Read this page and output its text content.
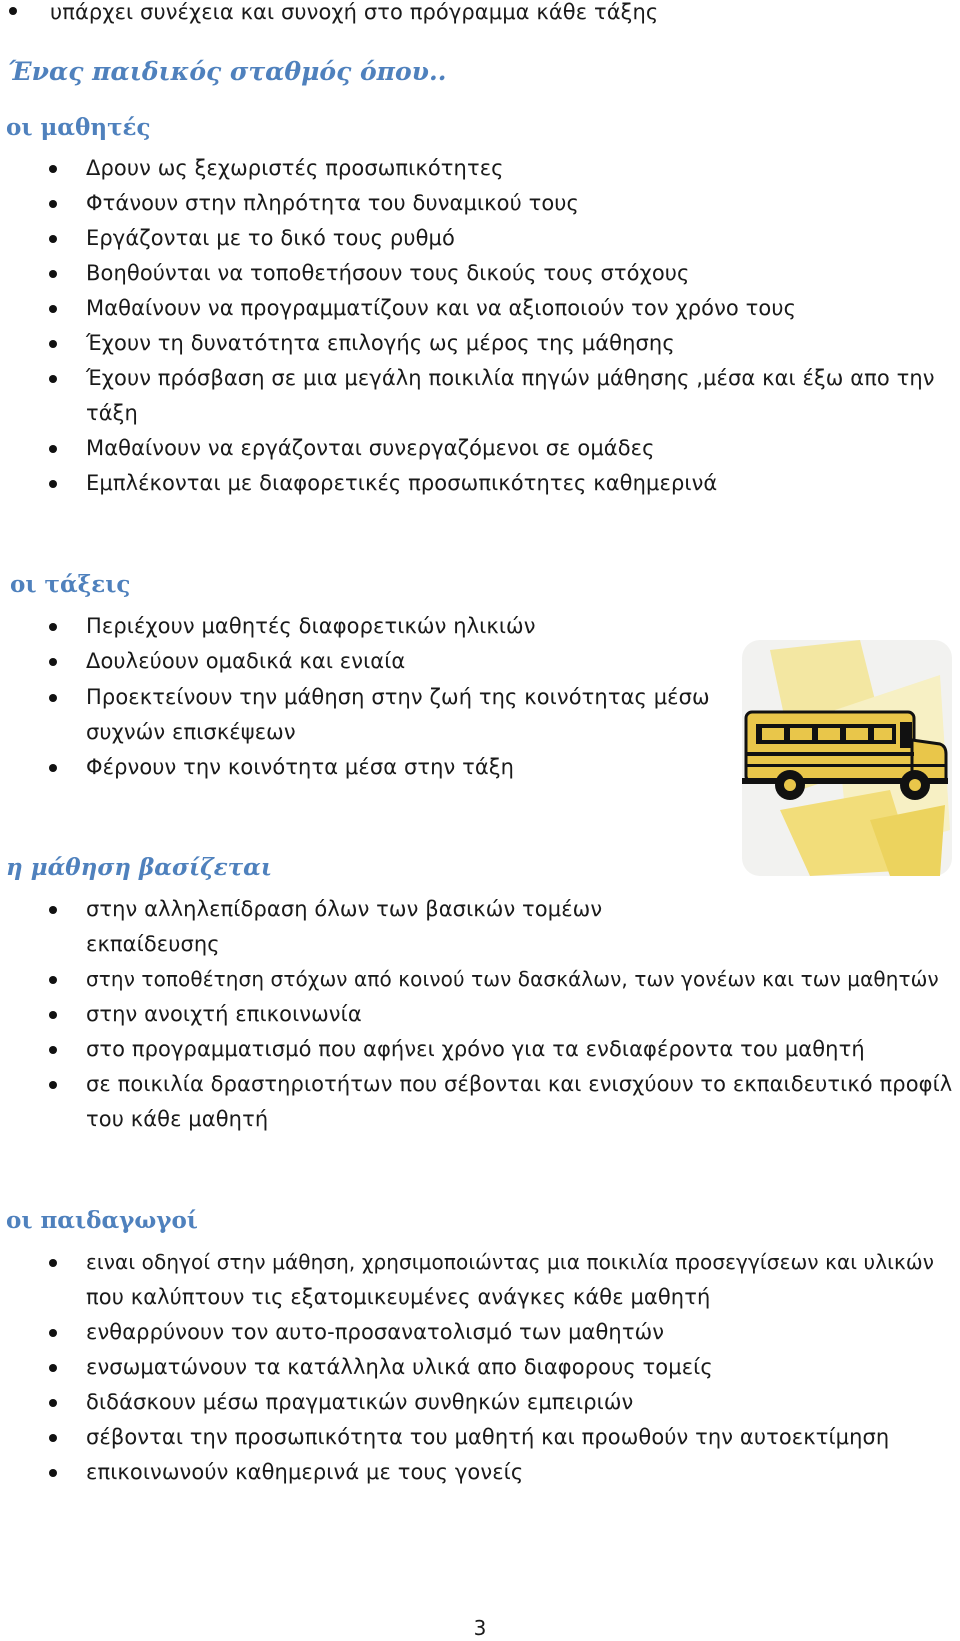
υπάρχει συνέχεια και συνοχή στο πρόγραμμα κάθε τάξης
Ένας παιδικός σταθμός όπου..
οι μαθητές
Δρουν ως ξεχωριστές προσωπικότητες
Φτάνουν στην πληρότητα του δυναμικού τους
Εργάζονται με το δικό τους ρυθμό
Βοηθούνται να τοποθετήσουν τους δικούς τους στόχους
Μαθαίνουν να προγραμματίζουν και να αξιοποιούν τον χρόνο τους
Έχουν τη δυνατότητα επιλογής ως μέρος της μάθησης
Έχουν πρόσβαση σε μια μεγάλη ποικιλία πηγών μάθησης ,μέσα και έξω απο την
τάξη
Μαθαίνουν να εργάζονται συνεργαζόμενοι σε ομάδες
Εμπλέκονται με διαφορετικές προσωπικότητες καθημερινά
οι τάξεις
Περιέχουν μαθητές διαφορετικών ηλικιών
Δουλεύουν ομαδικά και ενιαία
Προεκτείνουν την μάθηση στην ζωή της κοινότητας μέσω
συχνών επισκέψεων
Φέρνουν την κοινότητα μέσα στην τάξη
η μάθηση βασίζεται
στην αλληλεπίδραση όλων των βασικών τομέων
εκπαίδευσης
στην τοποθέτηση στόχων από κοινού των δασκάλων, των γονέων και των μαθητών
στην ανοιχτή επικοινωνία
στο προγραμματισμό που αφήνει χρόνο για τα ενδιαφέροντα του μαθητή
σε ποικιλία δραστηριοτήτων που σέβονται και ενισχύουν το εκπαιδευτικό προφίλ
του κάθε μαθητή
οι παιδαγωγοί
ειναι οδηγοί στην μάθηση, χρησιμοποιώντας μια ποικιλία προσεγγίσεων και υλικών
που καλύπτουν τις εξατομικευμένες ανάγκες κάθε μαθητή
ενθαρρύνουν τον αυτο-προσανατολισμό των μαθητών
ενσωματώνουν τα κατάλληλα υλικά απο διαφορους τομείς
διδάσκουν μέσω πραγματικών συνθηκών εμπειριών
σέβονται την προσωπικότητα του μαθητή και προωθούν την αυτοεκτίμηση
επικοινωνούν καθημερινά με τους γονείς
3
